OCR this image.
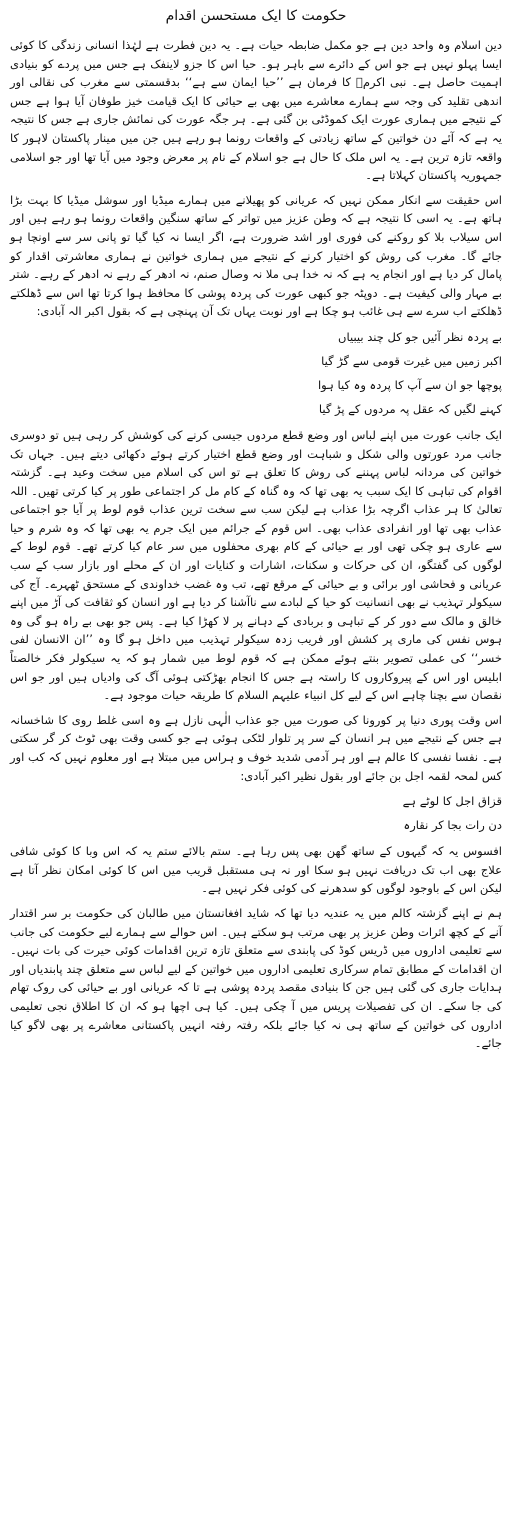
حکومت کا ایک مستحسن اقدام

دین اسلام وہ واحد دین ہے جو مکمل ضابطہ حیات ہے۔ یہ دین فطرت ہے لہٰذا انسانی زندگی کا کوئی ایسا پہلو نہیں ہے جو اس کے دائرے سے باہر ہو۔ حیا اس کا جزو لاینفک ہے جس میں پردے کو بنیادی اہمیت حاصل ہے۔ نبی اکرمؐ کا فرمان ہے ’’حیا ایمان سے ہے‘‘ بدقسمتی سے مغرب کی نقالی اور اندھی تقلید کی وجہ سے ہمارے معاشرے میں بھی بے حیائی کا ایک قیامت خیز طوفان آیا ہوا ہے جس کے نتیجے میں ہماری عورت ایک کموڈٹی بن گئی ہے۔ ہر جگہ عورت کی نمائش جاری ہے جس کا نتیجہ یہ ہے کہ آئے دن خواتین کے ساتھ زیادتی کے واقعات رونما ہو رہے ہیں جن میں مینار پاکستان لاہور کا واقعہ تازہ ترین ہے۔ یہ اس ملک کا حال ہے جو اسلام کے نام پر معرض وجود میں آیا تھا اور جو اسلامی جمہوریہ پاکستان کہلاتا ہے۔

اس حقیقت سے انکار ممکن نہیں کہ عریانی کو پھیلانے میں ہمارے میڈیا اور سوشل میڈیا کا بہت بڑا ہاتھ ہے۔ یہ اسی کا نتیجہ ہے کہ وطن عزیز میں تواتر کے ساتھ سنگین واقعات رونما ہو رہے ہیں اور اس سیلاب بلا کو روکنے کی فوری اور اشد ضرورت ہے، اگر ایسا نہ کیا گیا تو پانی سر سے اونچا ہو جائے گا۔ مغرب کی روش کو اختیار کرنے کے نتیجے میں ہماری خواتین نے ہماری معاشرتی اقدار کو پامال کر دیا ہے اور انجام یہ ہے کہ نہ خدا ہی ملا نہ وصال صنم، نہ ادھر کے رہے نہ ادھر کے رہے۔ شتر بے مہار والی کیفیت ہے۔ دوپٹہ جو کبھی عورت کی پردہ پوشی کا محافظ ہوا کرتا تھا اس سے ڈھلکتے ڈھلکتے اب سرے سے ہی غائب ہو چکا ہے اور نوبت یہاں تک آن پہنچی ہے کہ بقول اکبر الہ آبادی:

بے پردہ نظر آئیں جو کل چند بیبیاں

اکبر زمیں میں غیرت قومی سے گڑ گیا

پوچھا جو ان سے آپ کا پردہ وہ کیا ہوا

کہنے لگیں کہ عقل پہ مردوں کے پڑ گیا

ایک جانب عورت میں اپنے لباس اور وضع قطع مردوں جیسی کرنے کی کوشش کر رہی ہیں تو دوسری جانب مرد عورتوں والی شکل و شباہت اور وضع قطع اختیار کرتے ہوئے دکھائی دیتے ہیں۔ جہاں تک خواتین کی مردانہ لباس پہننے کی روش کا تعلق ہے تو اس کی اسلام میں سخت وعید ہے۔ گزشتہ اقوام کی تباہی کا ایک سبب یہ بھی تھا کہ وہ گناہ کے کام مل کر اجتماعی طور پر کیا کرتی تھیں۔ اللہ تعالیٰ کا ہر عذاب اگرچہ بڑا عذاب ہے لیکن سب سے سخت ترین عذاب قوم لوط پر آیا جو اجتماعی عذاب بھی تھا اور انفرادی عذاب بھی۔ اس قوم کے جرائم میں ایک جرم یہ بھی تھا کہ وہ شرم و حیا سے عاری ہو چکی تھی اور بے حیائی کے کام بھری محفلوں میں سر عام کیا کرتے تھے۔ قوم لوط کے لوگوں کی گفتگو، ان کی حرکات و سکنات، اشارات و کنایات اور ان کے محلے اور بازار سب کے سب عریانی و فحاشی اور برائی و بے حیائی کے مرقع تھے، تب وہ غضب خداوندی کے مستحق ٹھہرے۔ آج کی سیکولر تہذیب نے بھی انسانیت کو حیا کے لبادے سے ناآشنا کر دیا ہے اور انسان کو ثقافت کی آڑ میں اپنے خالق و مالک سے دور کر کے تباہی و بربادی کے دہانے پر لا کھڑا کیا ہے۔ پس جو بھی بے راہ ہو گی وہ ہوس نفس کی ماری پر کشش اور فریب زدہ سیکولر تہذیب میں داخل ہو گا وہ ’’ان الانسان لفی خسر‘‘ کی عملی تصویر بنتے ہوئے ممکن ہے کہ قوم لوط میں شمار ہو کہ یہ سیکولر فکر خالصتاً ابلیس اور اس کے پیروکاروں کا راستہ ہے جس کا انجام بھڑکتی ہوئی آگ کی وادیاں ہیں اور جو اس نقصان سے بچنا چاہے اس کے لیے کل انبیاء علیہم السلام کا طریقہ حیات موجود ہے۔

اس وقت پوری دنیا پر کورونا کی صورت میں جو عذاب الٰہی نازل ہے وہ اسی غلط روی کا شاخسانہ ہے جس کے نتیجے میں ہر انسان کے سر پر تلوار لٹکی ہوئی ہے جو کسی وقت بھی ٹوٹ کر گر سکتی ہے۔ نفسا نفسی کا عالم ہے اور ہر آدمی شدید خوف و ہراس میں مبتلا ہے اور معلوم نہیں کہ کب اور کس لمحہ لقمہ اجل بن جائے اور بقول نظیر اکبر آبادی:

قزاق اجل کا لوٹے ہے

دن رات بجا کر نقارہ

افسوس یہ کہ گیہوں کے ساتھ گھن بھی پس رہا ہے۔ ستم بالائے ستم یہ کہ اس وبا کا کوئی شافی علاج بھی اب تک دریافت نہیں ہو سکا اور نہ ہی مستقبل قریب میں اس کا کوئی امکان نظر آتا ہے لیکن اس کے باوجود لوگوں کو سدھرنے کی کوئی فکر نہیں ہے۔

ہم نے اپنے گزشتہ کالم میں یہ عندیہ دیا تھا کہ شاید افغانستان میں طالبان کی حکومت بر سر اقتدار آنے کے کچھ اثرات وطن عزیز پر بھی مرتب ہو سکتے ہیں۔ اس حوالے سے ہمارے لیے حکومت کی جانب سے تعلیمی اداروں میں ڈریس کوڈ کی پابندی سے متعلق تازہ ترین اقدامات کوئی حیرت کی بات نہیں۔ ان اقدامات کے مطابق تمام سرکاری تعلیمی اداروں میں خواتین کے لیے لباس سے متعلق چند پابندیاں اور ہدایات جاری کی گئی ہیں جن کا بنیادی مقصد پردہ پوشی ہے تا کہ عریانی اور بے حیائی کی روک تھام کی جا سکے۔ ان کی تفصیلات پریس میں آ چکی ہیں۔ کیا ہی اچھا ہو کہ ان کا اطلاق نجی تعلیمی اداروں کی خواتین کے ساتھ ہی نہ کیا جائے بلکہ رفتہ رفتہ انہیں پاکستانی معاشرے پر بھی لاگو کیا جائے۔
